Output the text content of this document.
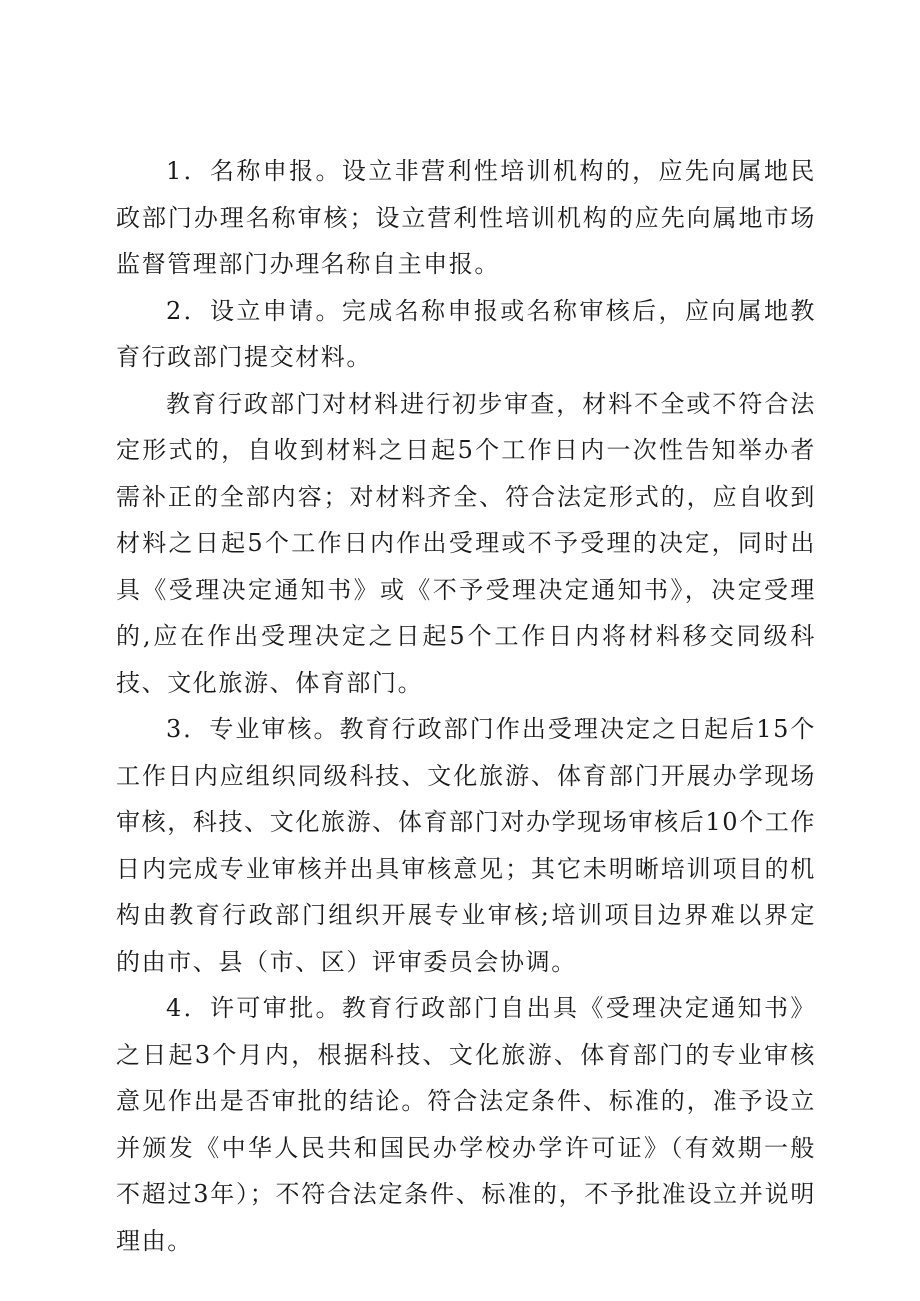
1．名称申报。设立非营利性培训机构的，应先向属地民政部门办理名称审核；设立营利性培训机构的应先向属地市场监督管理部门办理名称自主申报。

2．设立申请。完成名称申报或名称审核后，应向属地教育行政部门提交材料。

教育行政部门对材料进行初步审查，材料不全或不符合法定形式的，自收到材料之日起5个工作日内一次性告知举办者需补正的全部内容；对材料齐全、符合法定形式的，应自收到材料之日起5个工作日内作出受理或不予受理的决定，同时出具《受理决定通知书》或《不予受理决定通知书》，决定受理的,应在作出受理决定之日起5个工作日内将材料移交同级科技、文化旅游、体育部门。

3．专业审核。教育行政部门作出受理决定之日起后15个工作日内应组织同级科技、文化旅游、体育部门开展办学现场审核，科技、文化旅游、体育部门对办学现场审核后10个工作日内完成专业审核并出具审核意见；其它未明晰培训项目的机构由教育行政部门组织开展专业审核;培训项目边界难以界定的由市、县（市、区）评审委员会协调。

4．许可审批。教育行政部门自出具《受理决定通知书》之日起3个月内，根据科技、文化旅游、体育部门的专业审核意见作出是否审批的结论。符合法定条件、标准的，准予设立并颁发《中华人民共和国民办学校办学许可证》（有效期一般不超过3年）；不符合法定条件、标准的，不予批准设立并说明理由。
